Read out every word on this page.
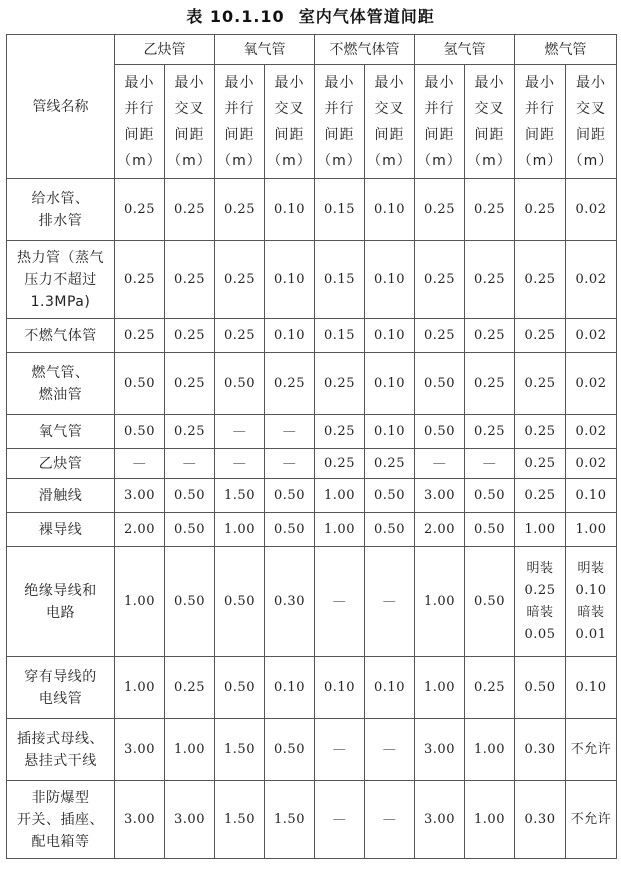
表 10.1.10 室内气体管道间距
管线名称	乙炔管		氧气管		不燃气体管		氢气管		燃气管	

	最小
并行
间距
（m）	最小
交叉
间距
（m）	最小
并行
间距
（m）	最小
交叉
间距
（m）	最小
并行
间距
（m）	最小
交叉
间距
（m）	最小
并行
间距
（m）	最小
交叉
间距
（m）	最小
并行
间距
（m）	最小
交叉
间距
（m）

给水管、
排水管	0.25	0.25	0.25	0.10	0.15	0.10	0.25	0.25	0.25	0.02

热力管（蒸气
压力不超过
1.3MPa)	0.25	0.25	0.25	0.10	0.15	0.10	0.25	0.25	0.25	0.02

不燃气体管	0.25	0.25	0.25	0.10	0.15	0.10	0.25	0.25	0.25	0.02

燃气管、
燃油管	0.50	0.25	0.50	0.25	0.25	0.10	0.50	0.25	0.25	0.02

氧气管	0.50	0.25	—	—	0.25	0.10	0.50	0.25	0.25	0.02

乙炔管	—	—	—	—	0.25	0.25	—	—	0.25	0.02

滑触线	3.00	0.50	1.50	0.50	1.00	0.50	3.00	0.50	0.25	0.10

裸导线	2.00	0.50	1.00	0.50	1.00	0.50	2.00	0.50	1.00	1.00

绝缘导线和
电路	1.00	0.50	0.50	0.30	—	—	1.00	0.50	明装
0.25
暗装
0.05	明装
0.10
暗装
0.01

穿有导线的
电线管	1.00	0.25	0.50	0.10	0.10	0.10	1.00	0.25	0.50	0.10

插接式母线、
悬挂式干线	3.00	1.00	1.50	0.50	—	—	3.00	1.00	0.30	不允许

非防爆型
开关、插座、
配电箱等	3.00	3.00	1.50	1.50	—	—	3.00	1.00	0.30	不允许
